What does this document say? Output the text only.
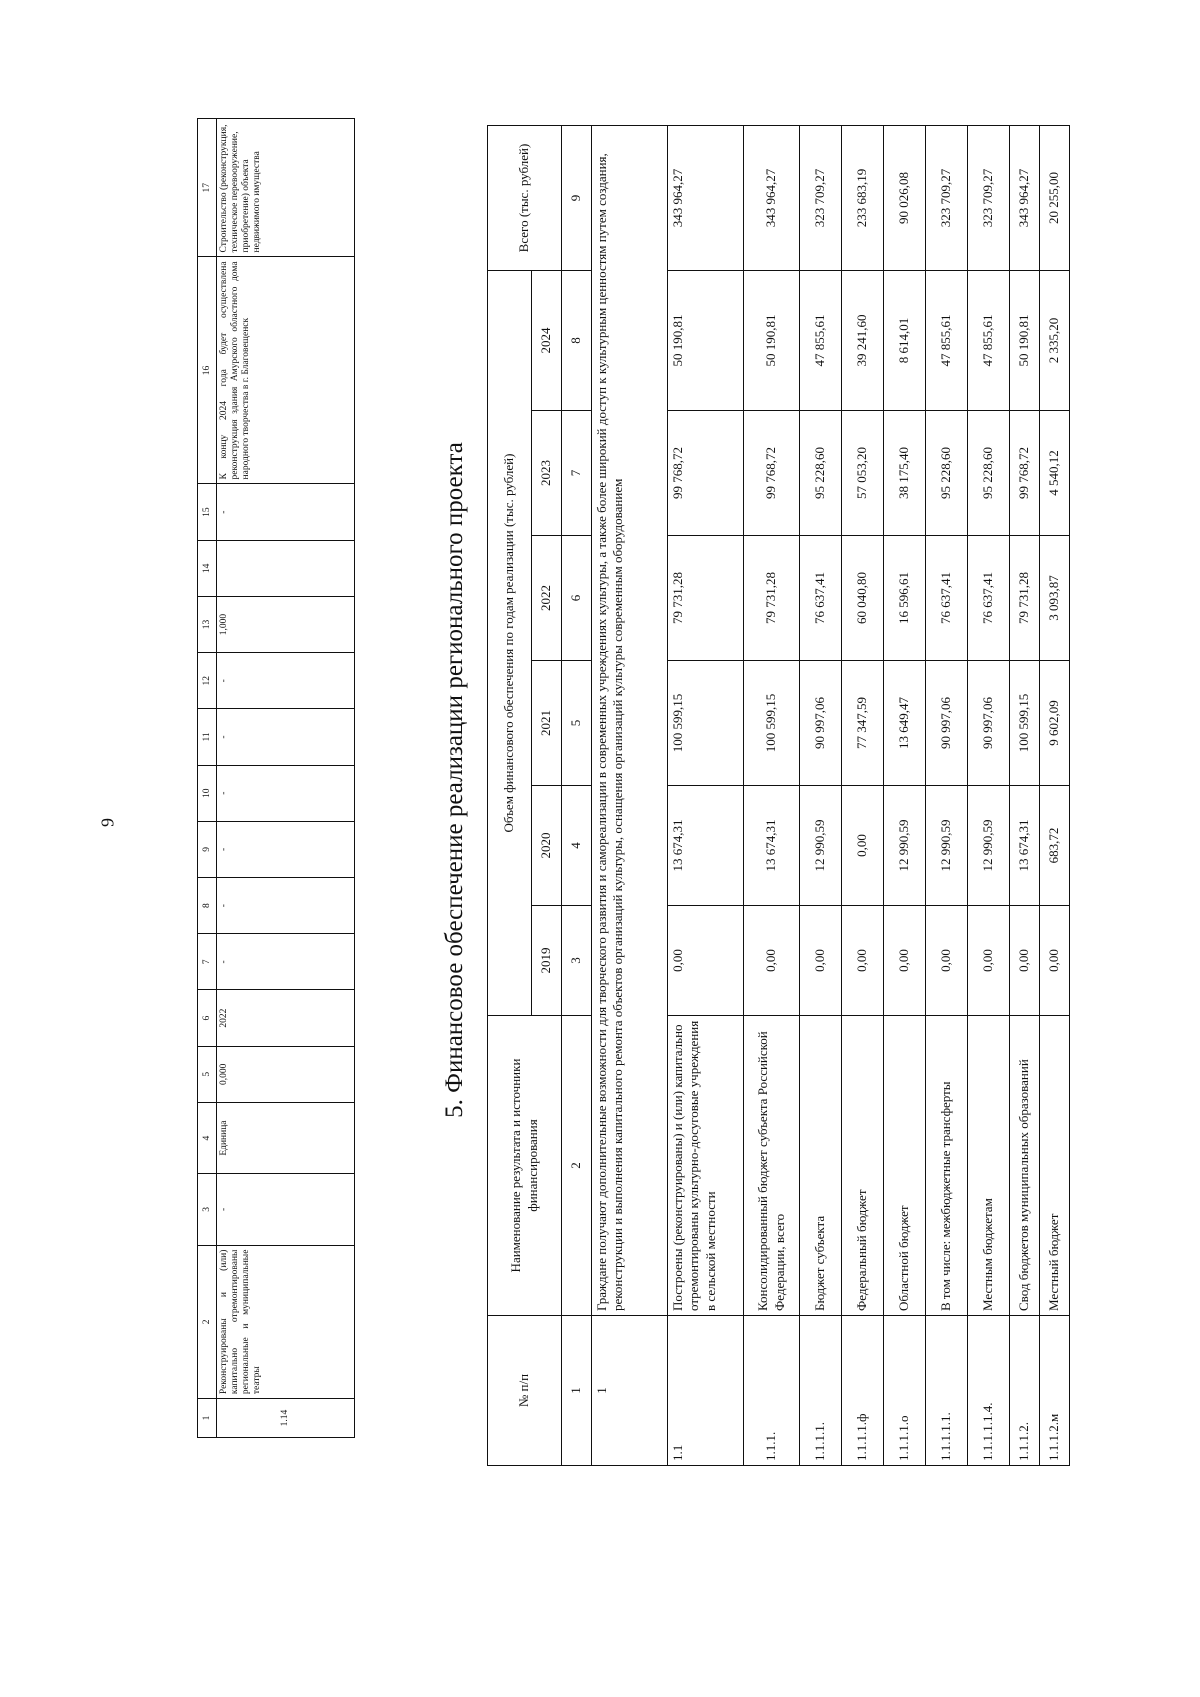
9
1	2	3	4	5	6	7	8	9	10	11	12	13	14	15	16	17
1.14	Реконструированы и (или) капитально отремонтированы региональные и муниципальные театры	-	Единица	0,000	2022	-	-	-	-	-	-	1,000		-	К концу 2024 года будет осуществлена реконструкция здания Амурского областного дома народного творчества в г. Благовещенск	Строительство (реконструкция, техническое перевооружение, приобретение) объекта недвижимого имущества
5. Финансовое обеспечение реализации регионального проекта
№ п/п	Наименование результата и источники финансирования	Объем финансового обеспечения по годам реализации (тыс. рублей)						Всего (тыс. рублей)
		2019	2020	2021	2022	2023	2024	
1	2	3	4	5	6	7	8	9
1	Граждане получают дополнительные возможности для творческого развития и самореализации в современных учреждениях культуры, а также более широкий доступ к культурным ценностям путем создания, реконструкции и выполнения капитального ремонта объектов организаций культуры, оснащения организаций культуры современным оборудованием							
1.1	Построены (реконструированы) и (или) капитально отремонтированы культурно-досуговые учреждения в сельской местности	0,00	13 674,31	100 599,15	79 731,28	99 768,72	50 190,81	343 964,27
1.1.1.	Консолидированный бюджет субъекта Российской Федерации, всего	0,00	13 674,31	100 599,15	79 731,28	99 768,72	50 190,81	343 964,27
1.1.1.1.	Бюджет субъекта	0,00	12 990,59	90 997,06	76 637,41	95 228,60	47 855,61	323 709,27
1.1.1.1.ф	Федеральный бюджет	0,00	0,00	77 347,59	60 040,80	57 053,20	39 241,60	233 683,19
1.1.1.1.о	Областной бюджет	0,00	12 990,59	13 649,47	16 596,61	38 175,40	8 614,01	90 026,08
1.1.1.1.1.	В том числе: межбюджетные трансферты	0,00	12 990,59	90 997,06	76 637,41	95 228,60	47 855,61	323 709,27
1.1.1.1.1.4.	Местным бюджетам	0,00	12 990,59	90 997,06	76 637,41	95 228,60	47 855,61	323 709,27
1.1.1.2.	Свод бюджетов муниципальных образований	0,00	13 674,31	100 599,15	79 731,28	99 768,72	50 190,81	343 964,27
1.1.1.2.м	Местный бюджет	0,00	683,72	9 602,09	3 093,87	4 540,12	2 335,20	20 255,00
